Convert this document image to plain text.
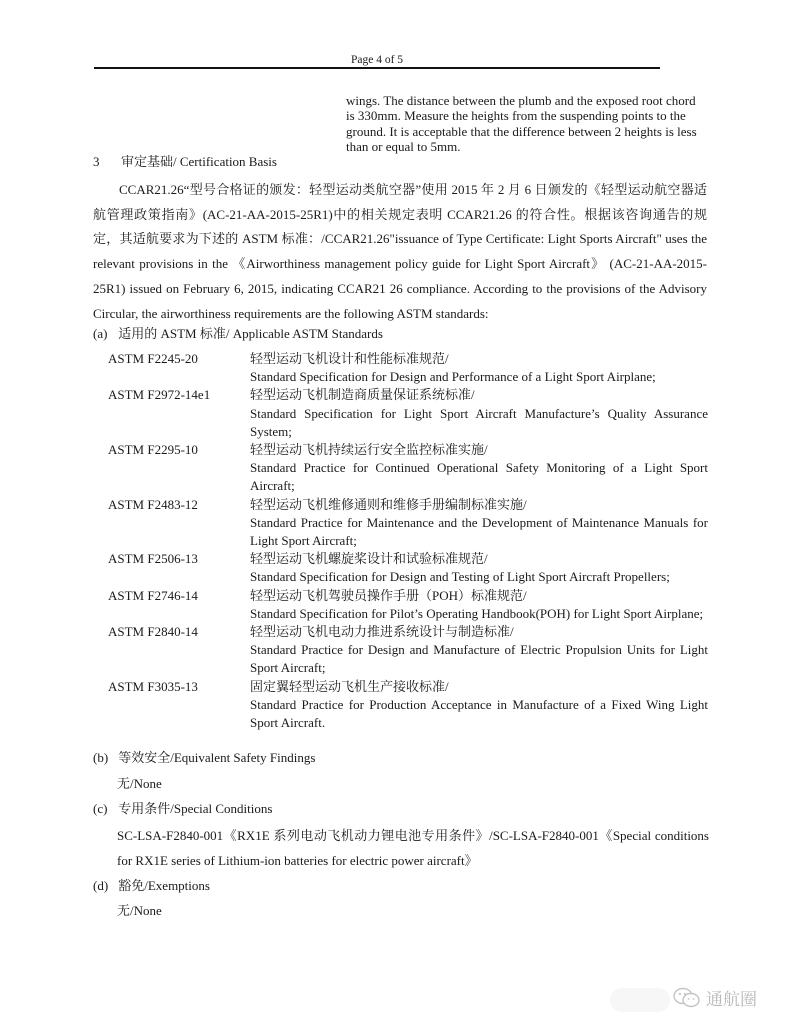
Page 4 of 5
wings. The distance between the plumb and the exposed root chord is 330mm. Measure the heights from the suspending points to the ground. It is acceptable that the difference between 2 heights is less than or equal to 5mm.
3 审定基础/ Certification Basis
CCAR21.26“型号合格证的颁发：轻型运动类航空器”使用 2015 年 2 月 6 日颁发的《轻型运动航空器适航管理政策指南》(AC-21-AA-2015-25R1)中的相关规定表明 CCAR21.26 的符合性。根据该咨询通告的规定，其适航要求为下述的 ASTM 标准：/CCAR21.26"issuance of Type Certificate: Light Sports Aircraft" uses the relevant provisions in the 《Airworthiness management policy guide for Light Sport Aircraft》 (AC-21-AA-2015-25R1) issued on February 6, 2015, indicating CCAR21 26 compliance. According to the provisions of the Advisory Circular, the airworthiness requirements are the following ASTM standards:
(a) 适用的 ASTM 标准/ Applicable ASTM Standards
ASTM F2245-20	轻型运动飞机设计和性能标准规范/
Standard Specification for Design and Performance of a Light Sport Airplane;
ASTM F2972-14e1	轻型运动飞机制造商质量保证系统标准/
Standard Specification for Light Sport Aircraft Manufacture’s Quality Assurance System;
ASTM F2295-10	轻型运动飞机持续运行安全监控标准实施/
Standard Practice for Continued Operational Safety Monitoring of a Light Sport Aircraft;
ASTM F2483-12	轻型运动飞机维修通则和维修手册编制标准实施/
Standard Practice for Maintenance and the Development of Maintenance Manuals for Light Sport Aircraft;
ASTM F2506-13	轻型运动飞机螺旋桨设计和试验标准规范/
Standard Specification for Design and Testing of Light Sport Aircraft Propellers;
ASTM F2746-14	轻型运动飞机驾驶员操作手册（POH）标准规范/
Standard Specification for Pilot’s Operating Handbook(POH) for Light Sport Airplane;
ASTM F2840-14	轻型运动飞机电动力推进系统设计与制造标准/
Standard Practice for Design and Manufacture of Electric Propulsion Units for Light Sport Aircraft;
ASTM F3035-13	固定翼轻型运动飞机生产接收标准/
Standard Practice for Production Acceptance in Manufacture of a Fixed Wing Light Sport Aircraft.
(b) 等效安全/Equivalent Safety Findings
无/None
(c) 专用条件/Special Conditions
SC-LSA-F2840-001《RX1E 系列电动飞机动力锂电池专用条件》/SC-LSA-F2840-001《Special conditions for RX1E series of Lithium-ion batteries for electric power aircraft》
(d) 豁免/Exemptions
无/None
通航圈
